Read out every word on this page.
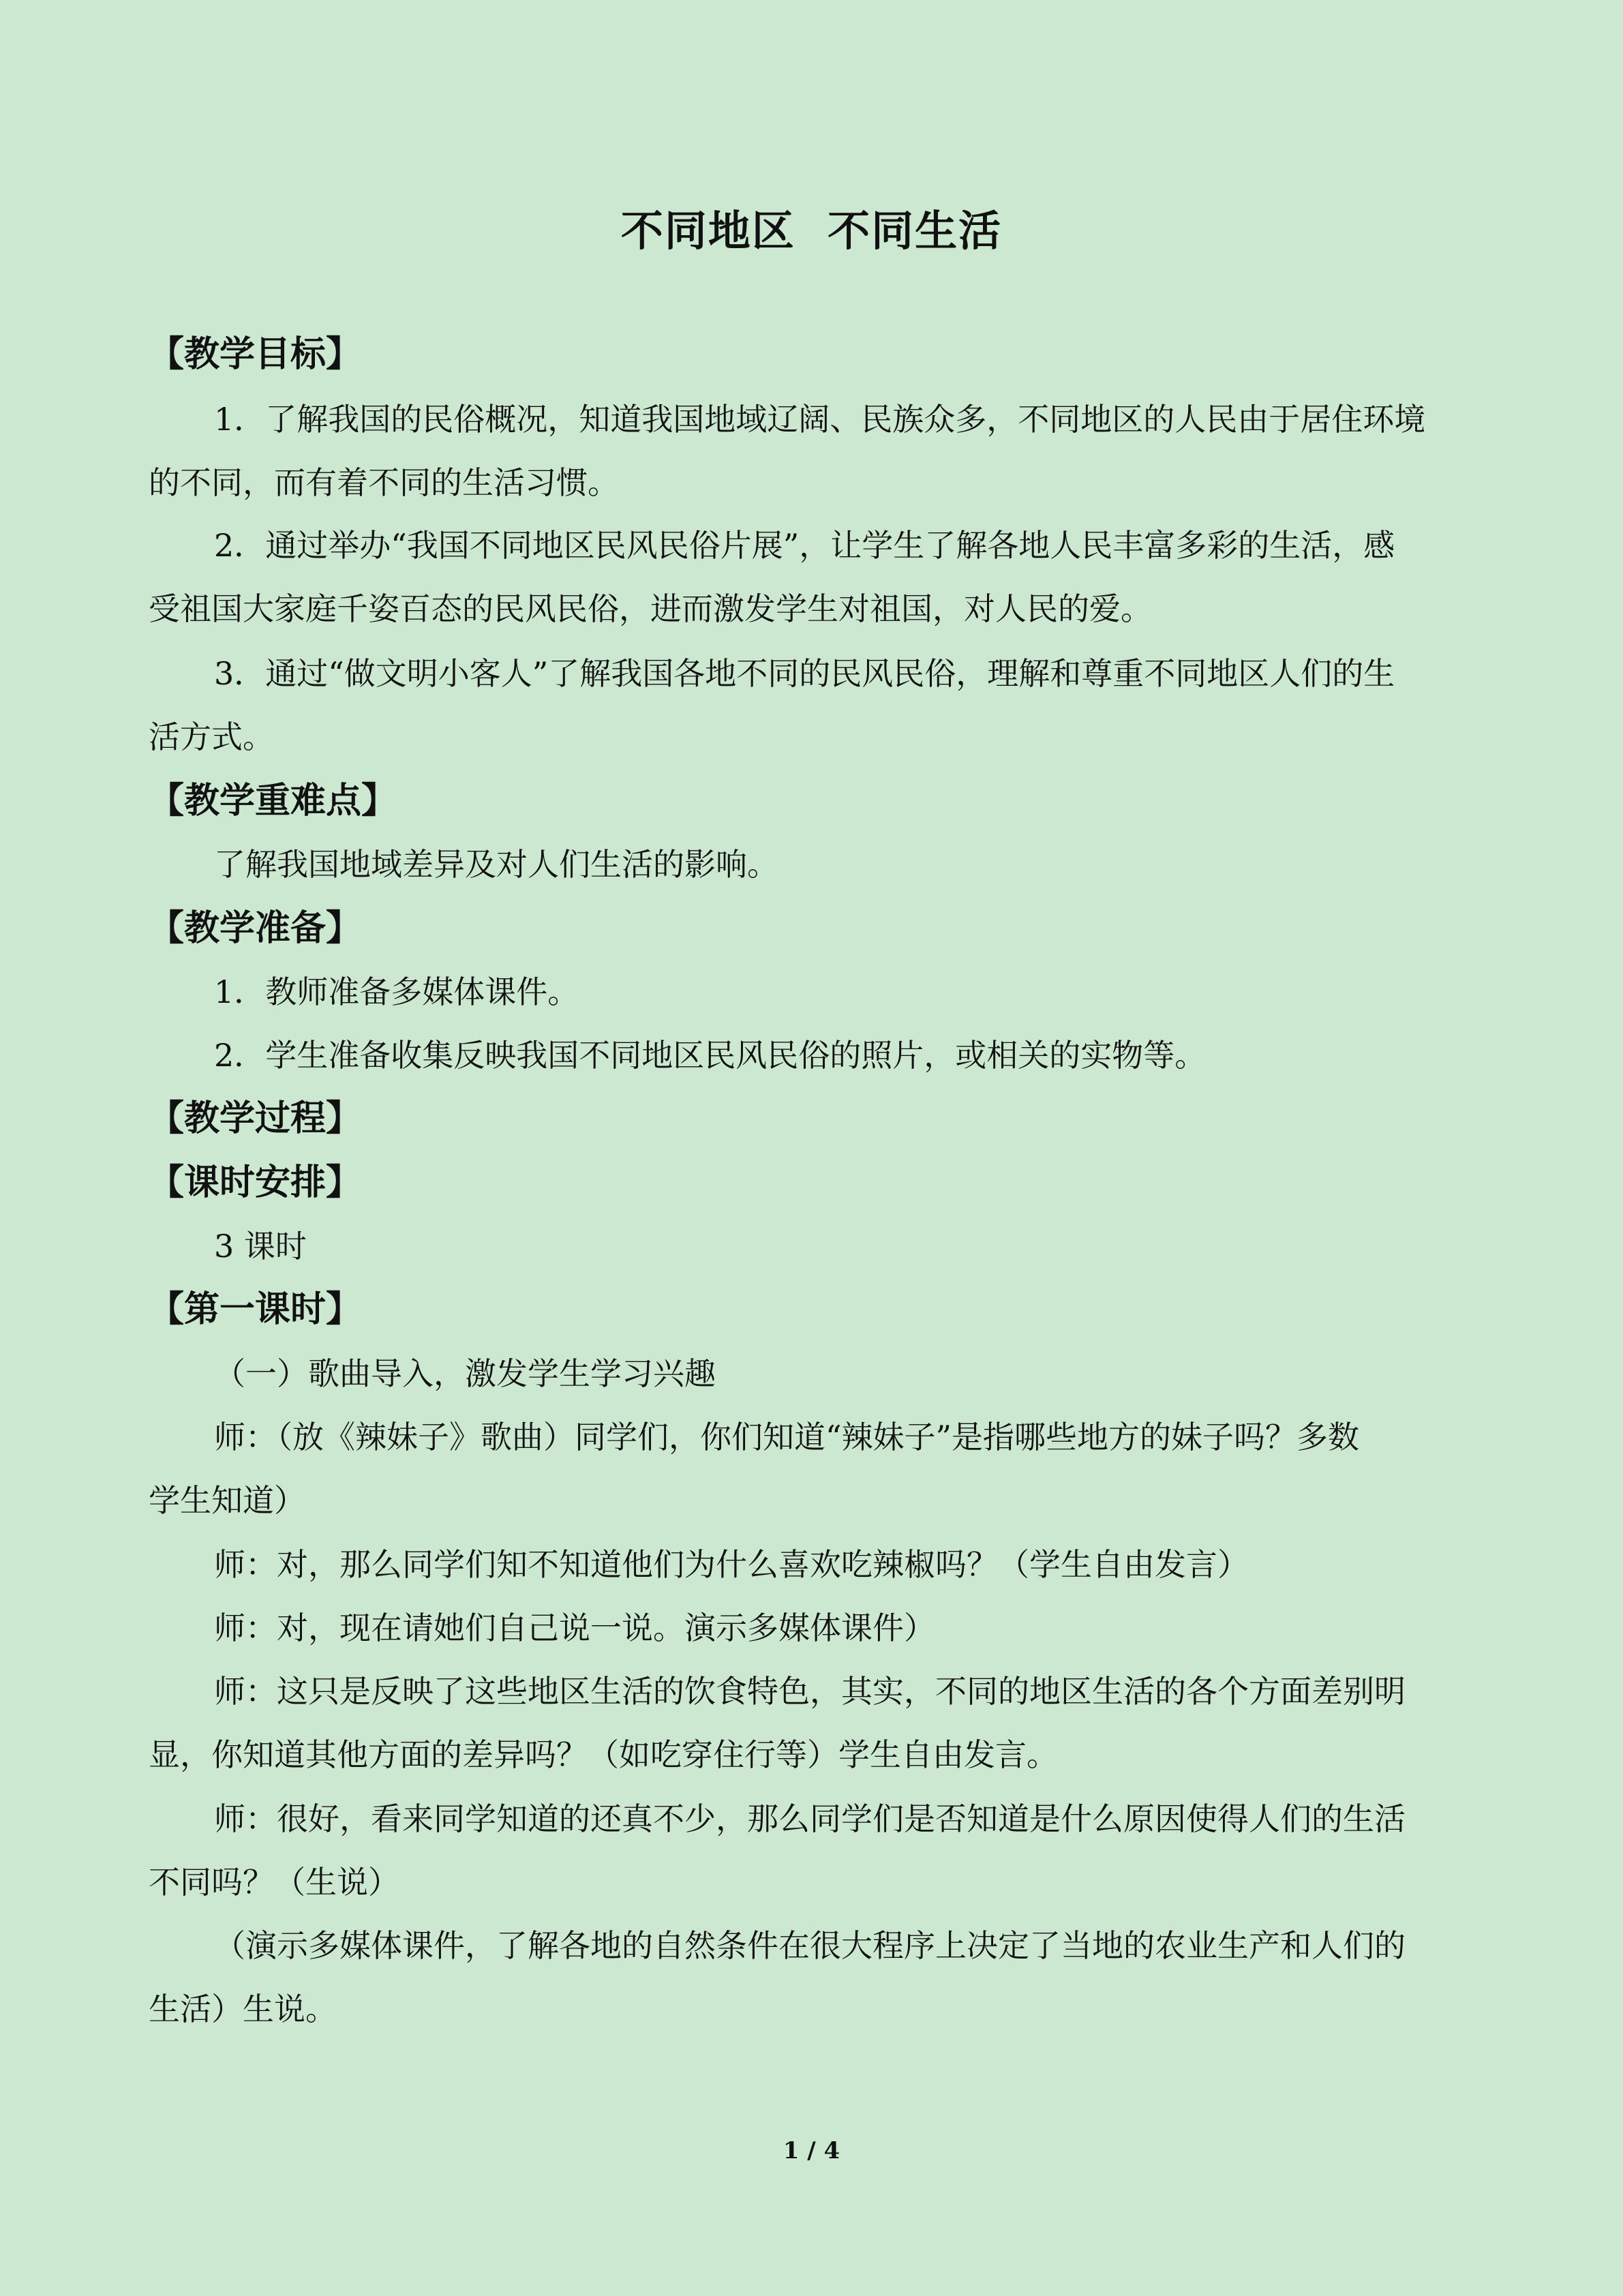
不同地区  不同生活
【教学目标】
1．了解我国的民俗概况，知道我国地域辽阔、民族众多，不同地区的人民由于居住环境
的不同，而有着不同的生活习惯。
2．通过举办“我国不同地区民风民俗片展”，让学生了解各地人民丰富多彩的生活，感
受祖国大家庭千姿百态的民风民俗，进而激发学生对祖国，对人民的爱。
3．通过“做文明小客人”了解我国各地不同的民风民俗，理解和尊重不同地区人们的生
活方式。
【教学重难点】
了解我国地域差异及对人们生活的影响。
【教学准备】
1．教师准备多媒体课件。
2．学生准备收集反映我国不同地区民风民俗的照片，或相关的实物等。
【教学过程】
【课时安排】
3 课时
【第一课时】
（一）歌曲导入，激发学生学习兴趣
师：（放《辣妹子》歌曲）同学们，你们知道“辣妹子”是指哪些地方的妹子吗？多数
学生知道）
师：对，那么同学们知不知道他们为什么喜欢吃辣椒吗？（学生自由发言）
师：对，现在请她们自己说一说。演示多媒体课件）
师：这只是反映了这些地区生活的饮食特色，其实，不同的地区生活的各个方面差别明
显，你知道其他方面的差异吗？（如吃穿住行等）学生自由发言。
师：很好，看来同学知道的还真不少，那么同学们是否知道是什么原因使得人们的生活
不同吗？（生说）
（演示多媒体课件，了解各地的自然条件在很大程序上决定了当地的农业生产和人们的
生活）生说。
1 / 4
